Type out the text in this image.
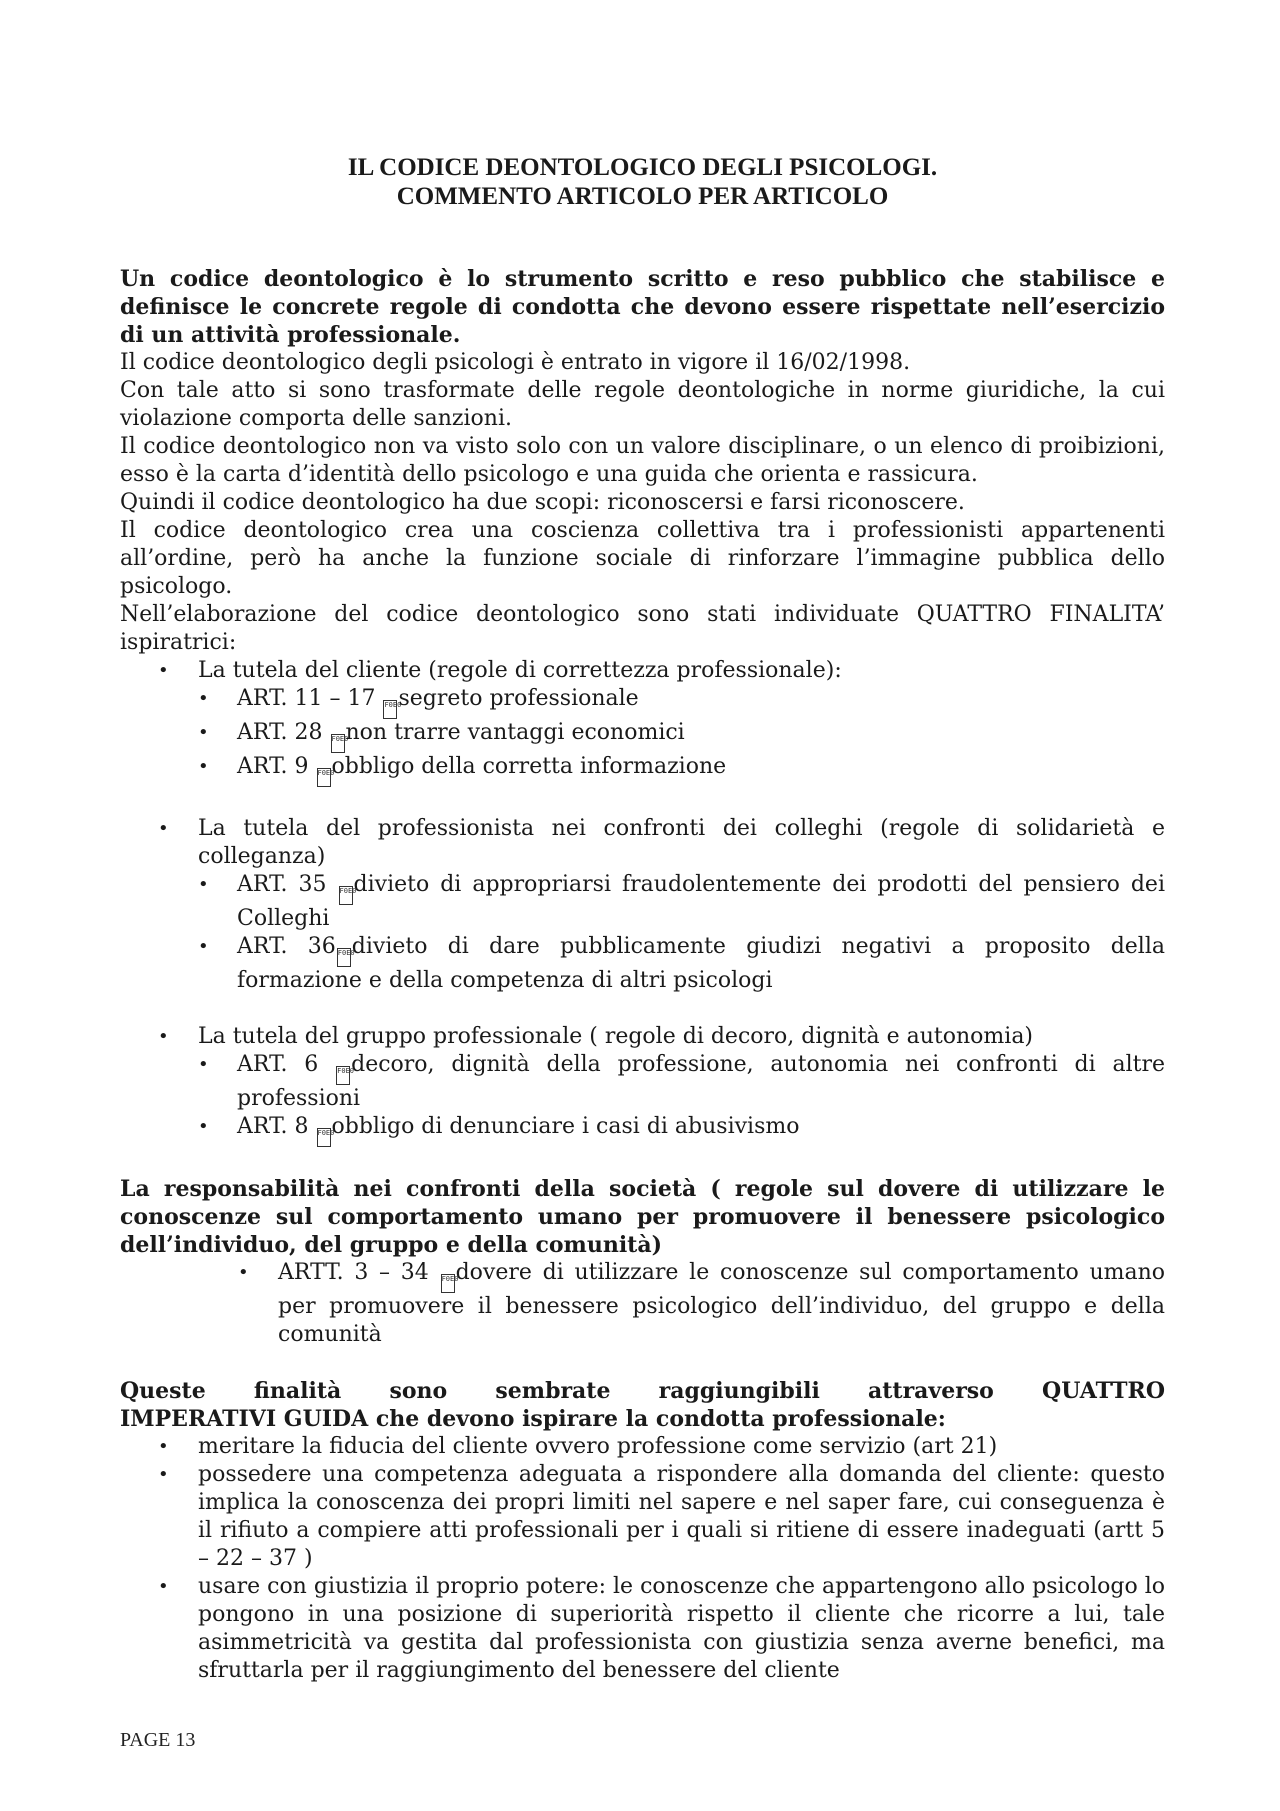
IL CODICE DEONTOLOGICO DEGLI PSICOLOGI.
COMMENTO ARTICOLO PER ARTICOLO

Un codice deontologico è lo strumento scritto e reso pubblico che stabilisce e definisce le concrete regole di condotta che devono essere rispettate nell’esercizio di un attività professionale.

Il codice deontologico degli psicologi è entrato in vigore il 16/02/1998.

Con tale atto si sono trasformate delle regole deontologiche in norme giuridiche, la cui violazione comporta delle sanzioni.

Il codice deontologico non va visto solo con un valore disciplinare, o un elenco di proibizioni, esso è la carta d’identità dello psicologo e una guida che orienta e rassicura.

Quindi il codice deontologico ha due scopi: riconoscersi e farsi riconoscere.

Il codice deontologico crea una coscienza collettiva tra i professionisti appartenenti all’ordine, però ha anche la funzione sociale di rinforzare l’immagine pubblica dello psicologo.

Nell’elaborazione del codice deontologico sono stati individuate QUATTRO FINALITA’ ispiratrici:

• La tutela del cliente (regole di correttezza professionale):
• ART. 11 – 17 F0E0segreto professionale
• ART. 28 F0E0non trarre vantaggi economici
• ART. 9 F0E0obbligo della corretta informazione
• La tutela del professionista nei confronti dei colleghi (regole di solidarietà e colleganza)
• ART. 35 F0E0divieto di appropriarsi fraudolentemente dei prodotti del pensiero dei Colleghi
• ART. 36 F0E0divieto di dare pubblicamente giudizi negativi a proposito della formazione e della competenza di altri psicologi
• La tutela del gruppo professionale ( regole di decoro, dignità e autonomia)
• ART. 6	F0E0decoro, dignità della professione, autonomia nei confronti di altre professioni
• ART. 8 F0E0obbligo di denunciare i casi di abusivismo

La responsabilità nei confronti della società ( regole sul dovere di utilizzare le conoscenze sul comportamento umano per promuovere il benessere psicologico dell’individuo, del gruppo e della comunità)

• ARTT. 3 – 34 F0E0dovere di utilizzare le conoscenze sul comportamento umano per promuovere il benessere psicologico dell’individuo, del gruppo e della comunità

Queste finalità sono sembrate raggiungibili attraverso QUATTRO

IMPERATIVI GUIDA che devono ispirare la condotta professionale:

• meritare la fiducia del cliente ovvero professione come servizio (art 21)
• possedere una competenza adeguata a rispondere alla domanda del cliente: questo implica la conoscenza dei propri limiti nel sapere e nel saper fare, cui conseguenza è il rifiuto a compiere atti professionali per i quali si ritiene di essere inadeguati (artt 5 – 22 – 37 )
• usare con giustizia il proprio potere: le conoscenze che appartengono allo psicologo lo pongono in una posizione di superiorità rispetto il cliente che ricorre a lui, tale asimmetricità va gestita dal professionista con giustizia senza averne benefici, ma sfruttarla per il raggiungimento del benessere del cliente
PAGE 13
